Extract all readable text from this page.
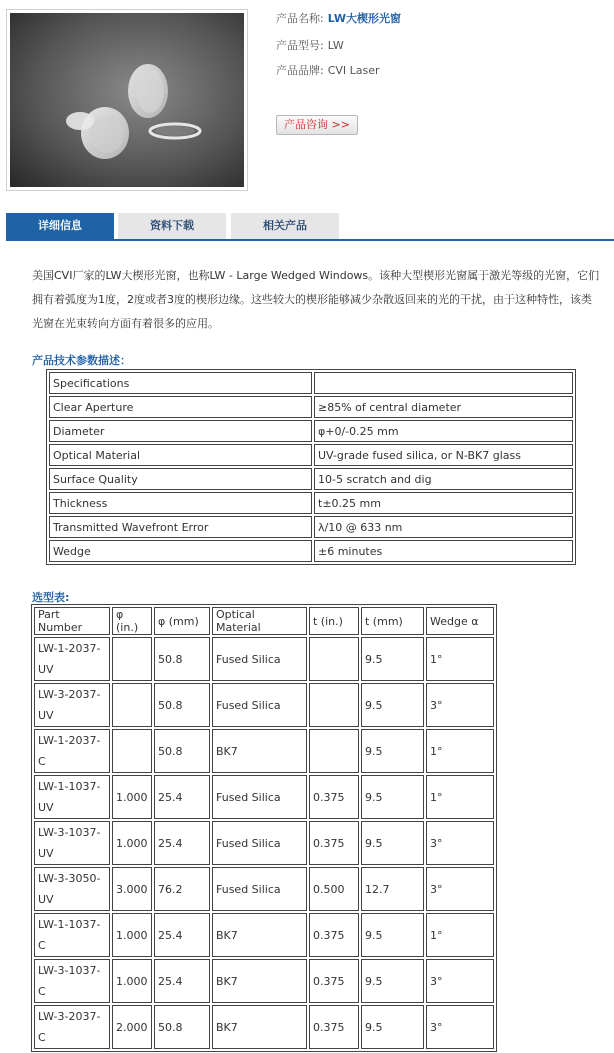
产品名称: LW大楔形光窗
产品型号: LW
产品品牌: CVI Laser
产品咨询 >>
详细信息	资料下载	相关产品
美国CVI厂家的LW大楔形光窗，也称LW - Large Wedged Windows。该种大型楔形光窗属于激光等级的光窗，它们拥有着弧度为1度，2度或者3度的楔形边缘。这些较大的楔形能够减少杂散返回来的光的干扰，由于这种特性，该类光窗在光束转向方面有着很多的应用。
产品技术参数描述：
Specifications	
Clear Aperture	≥85% of central diameter
Diameter	φ+0/-0.25 mm
Optical Material	UV-grade fused silica, or N-BK7 glass
Surface Quality	10-5 scratch and dig
Thickness	t±0.25 mm
Transmitted Wavefront Error	λ/10 @ 633 nm
Wedge	±6 minutes
选型表:
Part Number	φ (in.)	φ (mm)	Optical Material	t (in.)	t (mm)	Wedge α
LW-1-2037-UV		50.8	Fused Silica		9.5	1°
LW-3-2037-UV		50.8	Fused Silica		9.5	3°
LW-1-2037-C		50.8	BK7		9.5	1°
LW-1-1037-UV	1.000	25.4	Fused Silica	0.375	9.5	1°
LW-3-1037-UV	1.000	25.4	Fused Silica	0.375	9.5	3°
LW-3-3050-UV	3.000	76.2	Fused Silica	0.500	12.7	3°
LW-1-1037-C	1.000	25.4	BK7	0.375	9.5	1°
LW-3-1037-C	1.000	25.4	BK7	0.375	9.5	3°
LW-3-2037-C	2.000	50.8	BK7	0.375	9.5	3°
